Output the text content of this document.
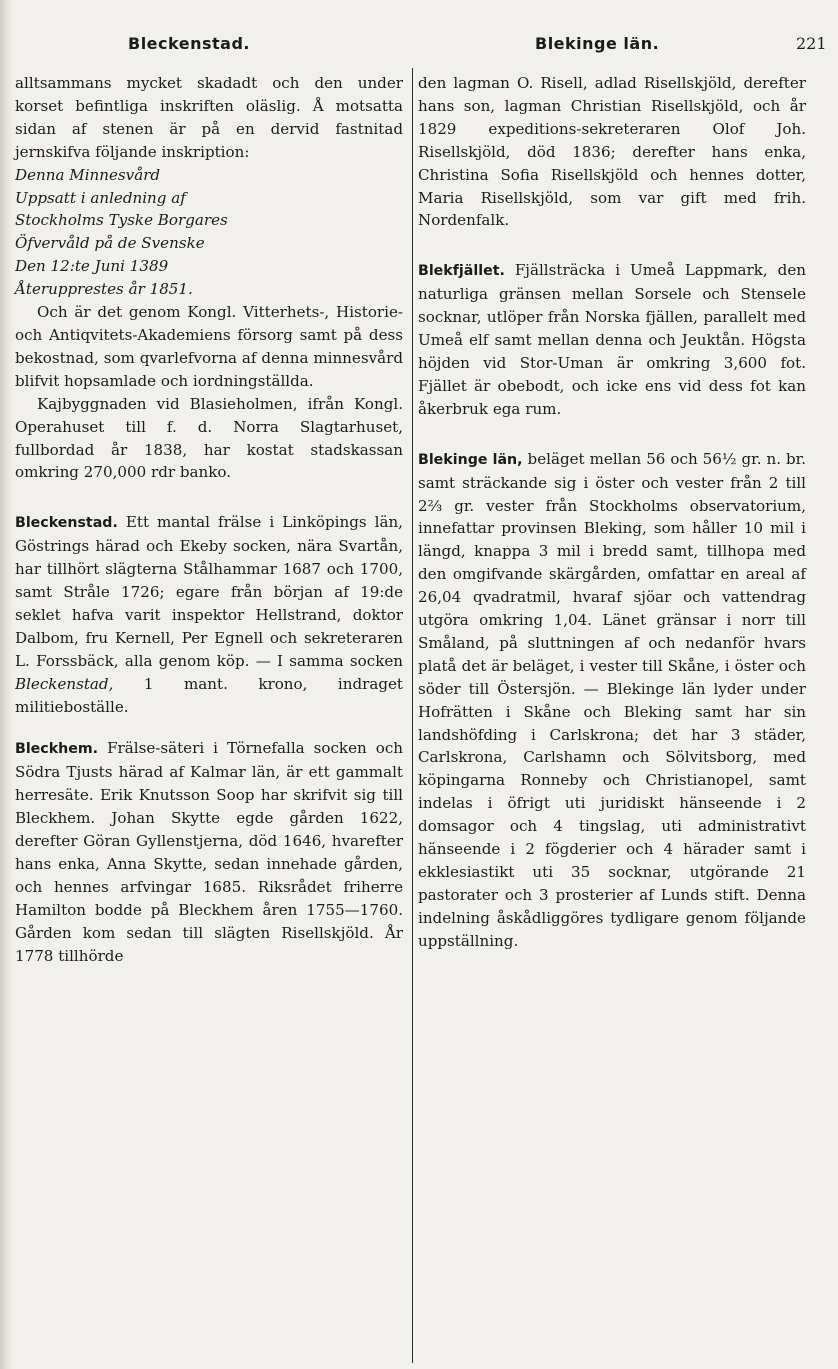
Bleckenstad.	Blekinge län.	221

alltsammans mycket skadadt och den under korset befintliga inskriften oläslig. Å motsatta sidan af stenen är på en dervid fastnitad jernskifva följande inskription:

Denna Minnesvård

Uppsatt i anledning af

Stockholms Tyske Borgares

Öfvervåld på de Svenske

Den 12:te Juni 1389

Återupprestes år 1851.

Och är det genom Kongl. Vitterhets-, Historie- och Antiqvitets-Akademiens försorg samt på dess bekostnad, som qvarlefvorna af denna minnesvård blifvit hopsamlade och iordningställda.

Kajbyggnaden vid Blasieholmen, ifrån Kongl. Operahuset till f. d. Norra Slagtarhuset, fullbordad år 1838, har kostat stadskassan omkring 270,000 rdr banko.

Bleckenstad. Ett mantal frälse i Linköpings län, Göstrings härad och Ekeby socken, nära Svartån, har tillhört slägterna Stålhammar 1687 och 1700, samt Stråle 1726; egare från början af 19:de seklet hafva varit inspektor Hellstrand, doktor Dalbom, fru Kernell, Per Egnell och sekreteraren L. Forssbäck, alla genom köp. — I samma socken Bleckenstad, 1 mant. krono, indraget militieboställe.

Bleckhem. Frälse-säteri i Törnefalla socken och Södra Tjusts härad af Kalmar län, är ett gammalt herresäte. Erik Knutsson Soop har skrifvit sig till Bleckhem. Johan Skytte egde gården 1622, derefter Göran Gyllenstjerna, död 1646, hvarefter hans enka, Anna Skytte, sedan innehade gården, och hennes arfvingar 1685. Riksrådet friherre Hamilton bodde på Bleckhem åren 1755—1760. Gården kom sedan till slägten Risellskjöld. År 1778 tillhörde

den lagman O. Risell, adlad Risellskjöld, derefter hans son, lagman Christian Risellskjöld, och år 1829 expeditions-sekreteraren Olof Joh. Risellskjöld, död 1836; derefter hans enka, Christina Sofia Risellskjöld och hennes dotter, Maria Risellskjöld, som var gift med frih. Nordenfalk.

Blekfjället. Fjällsträcka i Umeå Lappmark, den naturliga gränsen mellan Sorsele och Stensele socknar, utlöper från Norska fjällen, parallelt med Umeå elf samt mellan denna och Jeuktån. Högsta höjden vid Stor-Uman är omkring 3,600 fot. Fjället är obebodt, och icke ens vid dess fot kan åkerbruk ega rum.

Blekinge län, beläget mellan 56 och 56½ gr. n. br. samt sträckande sig i öster och vester från 2 till 2⅔ gr. vester från Stockholms observatorium, innefattar provinsen Bleking, som håller 10 mil i längd, knappa 3 mil i bredd samt, tillhopa med den omgifvande skärgården, omfattar en areal af 26,04 qvadratmil, hvaraf sjöar och vattendrag utgöra omkring 1,04. Länet gränsar i norr till Småland, på sluttningen af och nedanför hvars platå det är beläget, i vester till Skåne, i öster och söder till Östersjön. — Blekinge län lyder under Hofrätten i Skåne och Bleking samt har sin landshöfding i Carlskrona; det har 3 städer, Carlskrona, Carlshamn och Sölvitsborg, med köpingarna Ronneby och Christianopel, samt indelas i öfrigt uti juridiskt hänseende i 2 domsagor och 4 tingslag, uti administrativt hänseende i 2 fögderier och 4 härader samt i ekklesiastikt uti 35 socknar, utgörande 21 pastorater och 3 prosterier af Lunds stift. Denna indelning åskådliggöres tydligare genom följande uppställning.
